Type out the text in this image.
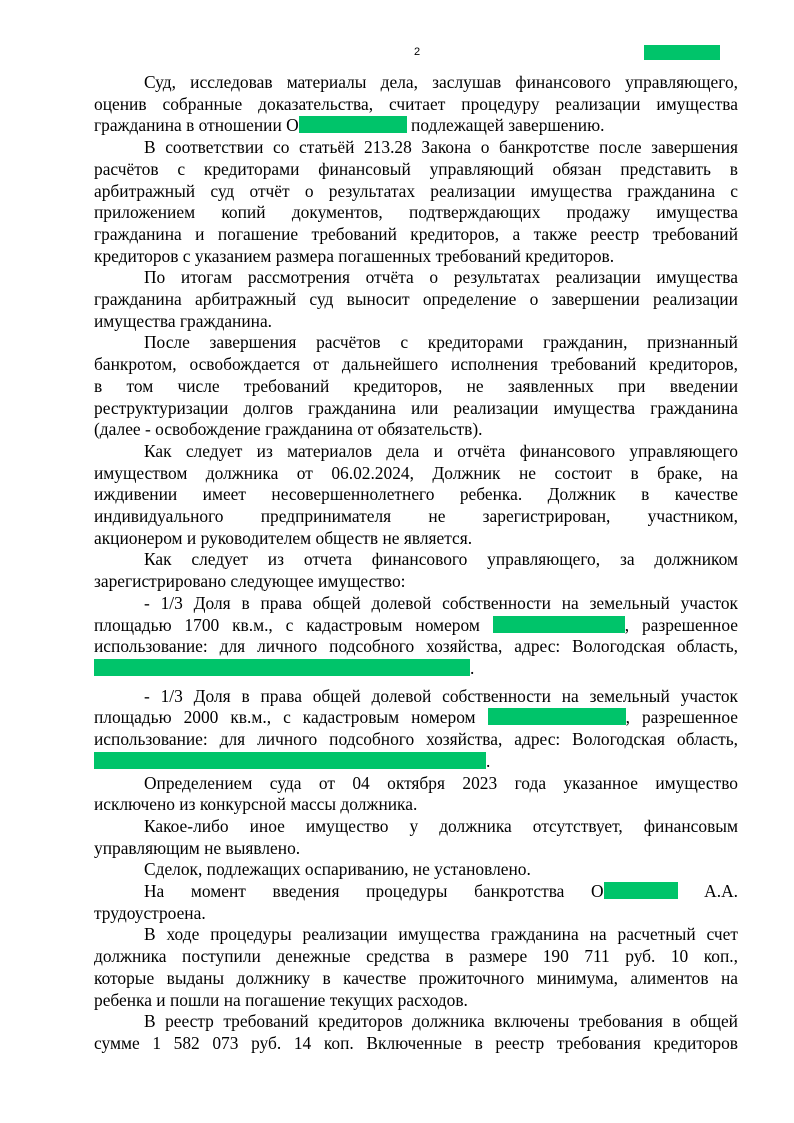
2
Суд, исследовав материалы дела, заслушав финансового управляющего,
оценив собранные доказательства, считает процедуру реализации имущества
гражданина в отношении О	подлежащей завершению.
В соответствии со статьёй 213.28 Закона о банкротстве после завершения
расчётов с кредиторами финансовый управляющий обязан представить в
арбитражный суд отчёт о результатах реализации имущества гражданина с
приложением копий документов, подтверждающих продажу имущества
гражданина и погашение требований кредиторов, а также реестр требований
кредиторов с указанием размера погашенных требований кредиторов.
По итогам рассмотрения отчёта о результатах реализации имущества
гражданина арбитражный суд выносит определение о завершении реализации
имущества гражданина.
После завершения расчётов с кредиторами гражданин, признанный
банкротом, освобождается от дальнейшего исполнения требований кредиторов,
в том числе требований кредиторов, не заявленных при введении
реструктуризации долгов гражданина или реализации имущества гражданина
(далее - освобождение гражданина от обязательств).
Как следует из материалов дела и отчёта финансового управляющего
имуществом должника от 06.02.2024, Должник не состоит в браке, на
иждивении имеет несовершеннолетнего ребенка. Должник в качестве
индивидуального предпринимателя не зарегистрирован, участником,
акционером и руководителем обществ не является.
Как следует из отчета финансового управляющего, за должником
зарегистрировано следующее имущество:
- 1/3 Доля в права общей долевой собственности на земельный участок
площадью 1700 кв.м., с кадастровым номером	, разрешенное
использование: для личного подсобного хозяйства, адрес: Вологодская область,
.
- 1/3 Доля в права общей долевой собственности на земельный участок
площадью 2000 кв.м., с кадастровым номером	, разрешенное
использование: для личного подсобного хозяйства, адрес: Вологодская область,
.
Определением суда от 04 октября 2023 года указанное имущество
исключено из конкурсной массы должника.
Какое-либо иное имущество у должника отсутствует, финансовым
управляющим не выявлено.
Сделок, подлежащих оспариванию, не установлено.
На момент введения процедуры банкротства О	А.А.
трудоустроена.
В ходе процедуры реализации имущества гражданина на расчетный счет
должника поступили денежные средства в размере 190 711 руб. 10 коп.,
которые выданы должнику в качестве прожиточного минимума, алиментов на
ребенка и пошли на погашение текущих расходов.
В реестр требований кредиторов должника включены требования в общей
сумме 1 582 073 руб. 14 коп. Включенные в реестр требования кредиторов
